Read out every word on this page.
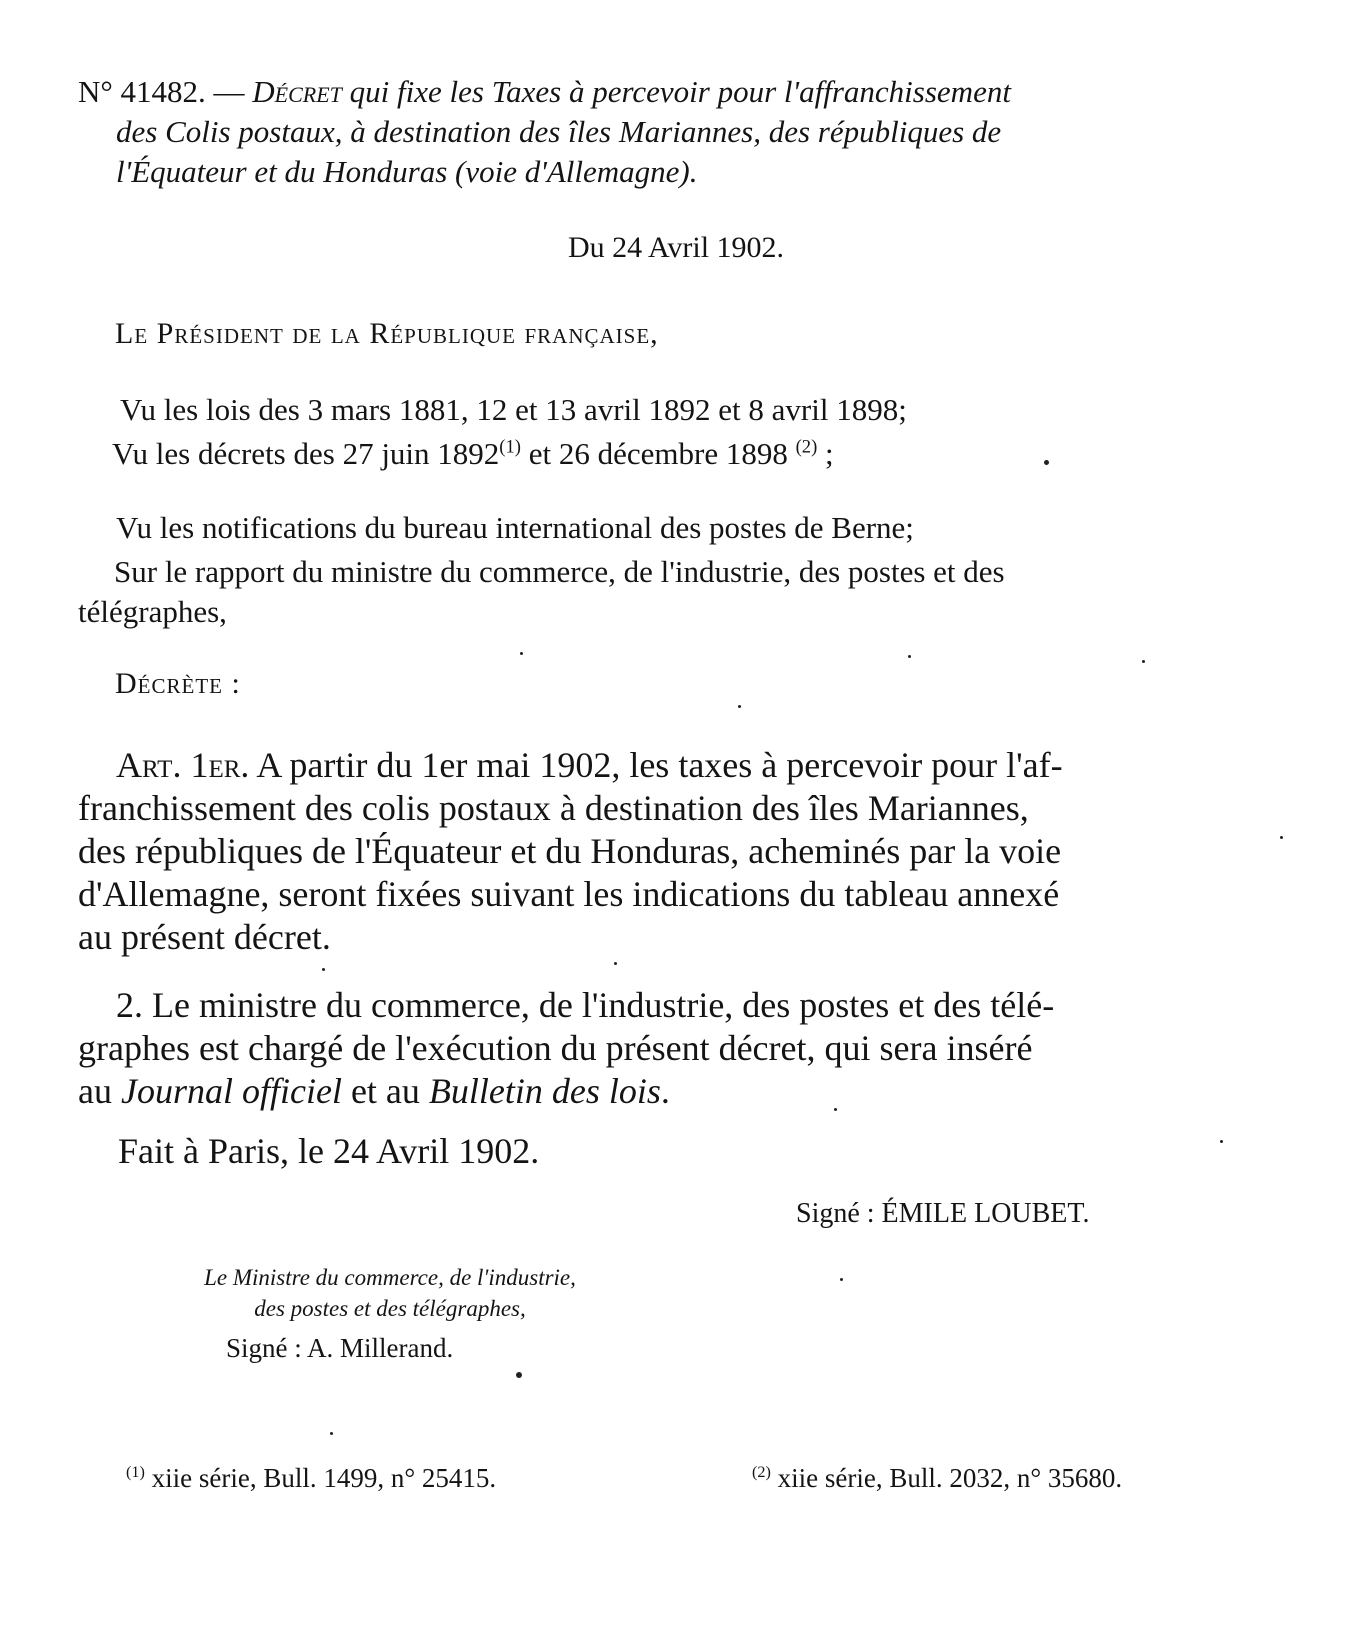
N° 41482. — Décret qui fixe les Taxes à percevoir pour l'affranchissement
des Colis postaux, à destination des îles Mariannes, des républiques de
l'Équateur et du Honduras (voie d'Allemagne).
Du 24 Avril 1902.
Le Président de la République française,
Vu les lois des 3 mars 1881, 12 et 13 avril 1892 et 8 avril 1898;
Vu les décrets des 27 juin 1892$^{(1)}$ et 26 décembre 1898 $^{(2)}$ ;
Vu les notifications du bureau international des postes de Berne;
Sur le rapport du ministre du commerce, de l'industrie, des postes et des
télégraphes,
Décrète :
Art. 1er. A partir du 1er mai 1902, les taxes à percevoir pour l'af-
franchissement des colis postaux à destination des îles Mariannes,
des républiques de l'Équateur et du Honduras, acheminés par la voie
d'Allemagne, seront fixées suivant les indications du tableau annexé
au présent décret.
2. Le ministre du commerce, de l'industrie, des postes et des télé-
graphes est chargé de l'exécution du présent décret, qui sera inséré
au Journal officiel et au Bulletin des lois.
Fait à Paris, le 24 Avril 1902.
Signé : ÉMILE LOUBET.
Le Ministre du commerce, de l'industrie,
des postes et des télégraphes,
Signé : A. Millerand.
$^{(1)}$ xiie série, Bull. 1499, n° 25415.	$^{(2)}$ xiie série, Bull. 2032, n° 35680.
